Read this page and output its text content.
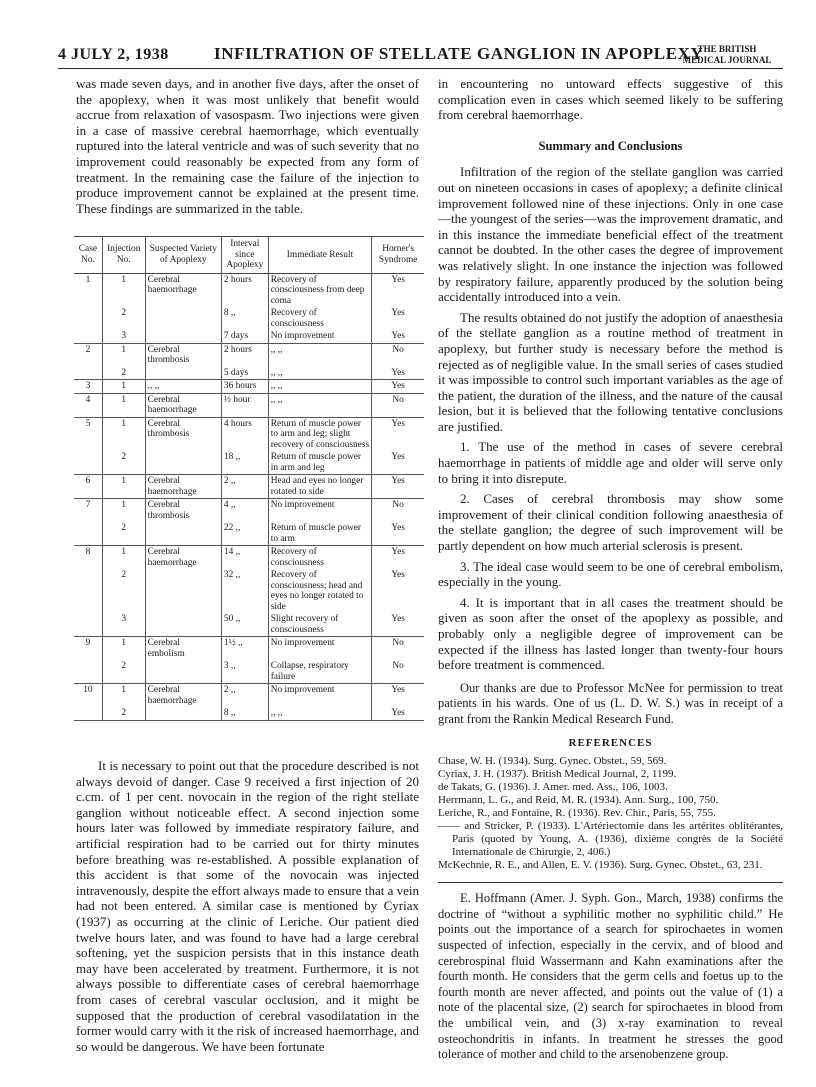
4 JULY 2, 1938	INFILTRATION OF STELLATE GANGLION IN APOPLEXY
THE BRITISH
MEDICAL JOURNAL

was made seven days, and in another five days, after the onset of the apoplexy, when it was most unlikely that benefit would accrue from relaxation of vasospasm. Two injections were given in a case of massive cerebral haemorrhage, which eventually ruptured into the lateral ventricle and was of such severity that no improvement could reasonably be expected from any form of treatment. In the remaining case the failure of the injection to produce improvement cannot be explained at the present time. These findings are summarized in the table.

Case No.	Injection No.	Suspected Variety of Apoplexy	Interval since Apoplexy	Immediate Result	Horner's Syndrome
1	1	Cerebral haemorrhage	2 hours	Recovery of consciousness from deep coma	Yes
	2		8 ,,	Recovery of consciousness	Yes
	3		7 days	No improvement	Yes
2	1	Cerebral thrombosis	2 hours	,, ,,	No
	2		5 days	,, ,,	Yes
3	1	,, ,,	36 hours	,, ,,	Yes
4	1	Cerebral haemorrhage	½ hour	,, ,,	No
5	1	Cerebral thrombosis	4 hours	Return of muscle power to arm and leg; slight recovery of consciousness	Yes
	2		18 ,,	Return of muscle power in arm and leg	Yes
6	1	Cerebral haemorrhage	2 ,,	Head and eyes no longer rotated to side	Yes
7	1	Cerebral thrombosis	4 ,,	No improvement	No
	2		22 ,,	Return of muscle power to arm	Yes
8	1	Cerebral haemorrhage	14 ,,	Recovery of consciousness	Yes
	2		32 ,,	Recovery of consciousness; head and eyes no longer rotated to side	Yes
	3		50 ,,	Slight recovery of consciousness	Yes
9	1	Cerebral embolism	1½ ,,	No improvement	No
	2		3 ,,	Collapse, respiratory failure	No
10	1	Cerebral haemorrhage	2 ,,	No improvement	Yes
	2		8 ,,	,, ,,	Yes

It is necessary to point out that the procedure described is not always devoid of danger. Case 9 received a first injection of 20 c.cm. of 1 per cent. novocain in the region of the right stellate ganglion without noticeable effect. A second injection some hours later was followed by immediate respiratory failure, and artificial respiration had to be carried out for thirty minutes before breathing was re-established. A possible explanation of this accident is that some of the novocain was injected intravenously, despite the effort always made to ensure that a vein had not been entered. A similar case is mentioned by Cyriax (1937) as occurring at the clinic of Leriche. Our patient died twelve hours later, and was found to have had a large cerebral softening, yet the suspicion persists that in this instance death may have been accelerated by treatment. Furthermore, it is not always possible to differentiate cases of cerebral haemorrhage from cases of cerebral vascular occlusion, and it might be supposed that the production of cerebral vasodilatation in the former would carry with it the risk of increased haemorrhage, and so would be dangerous. We have been fortunate

in encountering no untoward effects suggestive of this complication even in cases which seemed likely to be suffering from cerebral haemorrhage.

Summary and Conclusions

Infiltration of the region of the stellate ganglion was carried out on nineteen occasions in cases of apoplexy; a definite clinical improvement followed nine of these injections. Only in one case—the youngest of the series—was the improvement dramatic, and in this instance the immediate beneficial effect of the treatment cannot be doubted. In the other cases the degree of improvement was relatively slight. In one instance the injection was followed by respiratory failure, apparently produced by the solution being accidentally introduced into a vein.

The results obtained do not justify the adoption of anaesthesia of the stellate ganglion as a routine method of treatment in apoplexy, but further study is necessary before the method is rejected as of negligible value. In the small series of cases studied it was impossible to control such important variables as the age of the patient, the duration of the illness, and the nature of the causal lesion, but it is believed that the following tentative conclusions are justified.

1. The use of the method in cases of severe cerebral haemorrhage in patients of middle age and older will serve only to bring it into disrepute.

2. Cases of cerebral thrombosis may show some improvement of their clinical condition following anaesthesia of the stellate ganglion; the degree of such improvement will be partly dependent on how much arterial sclerosis is present.

3. The ideal case would seem to be one of cerebral embolism, especially in the young.

4. It is important that in all cases the treatment should be given as soon after the onset of the apoplexy as possible, and probably only a negligible degree of improvement can be expected if the illness has lasted longer than twenty-four hours before treatment is commenced.

Our thanks are due to Professor McNee for permission to treat patients in his wards. One of us (L. D. W. S.) was in receipt of a grant from the Rankin Medical Research Fund.

REFERENCES

Chase, W. H. (1934). Surg. Gynec. Obstet., 59, 569.

Cyriax, J. H. (1937). British Medical Journal, 2, 1199.

de Takats, G. (1936). J. Amer. med. Ass., 106, 1003.

Herrmann, L. G., and Reid, M. R. (1934). Ann. Surg., 100, 750.

Leriche, R., and Fontaine, R. (1936). Rev. Chir., Paris, 55, 755.

—— and Stricker, P. (1933). L'Artériectomie dans les artérites oblitérantes, Paris (quoted by Young, A. (1936), dixième congrès de la Société Internationale de Chirurgie, 2, 406.)

McKechnie, R. E., and Allen, E. V. (1936). Surg. Gynec. Obstet., 63, 231.

E. Hoffmann (Amer. J. Syph. Gon., March, 1938) confirms the doctrine of “without a syphilitic mother no syphilitic child.” He points out the importance of a search for spirochaetes in women suspected of infection, especially in the cervix, and of blood and cerebrospinal fluid Wassermann and Kahn examinations after the fourth month. He considers that the germ cells and foetus up to the fourth month are never affected, and points out the value of (1) a note of the placental size, (2) search for spirochaetes in blood from the umbilical vein, and (3) x-ray examination to reveal osteochondritis in infants. In treatment he stresses the good tolerance of mother and child to the arsenobenzene group.
